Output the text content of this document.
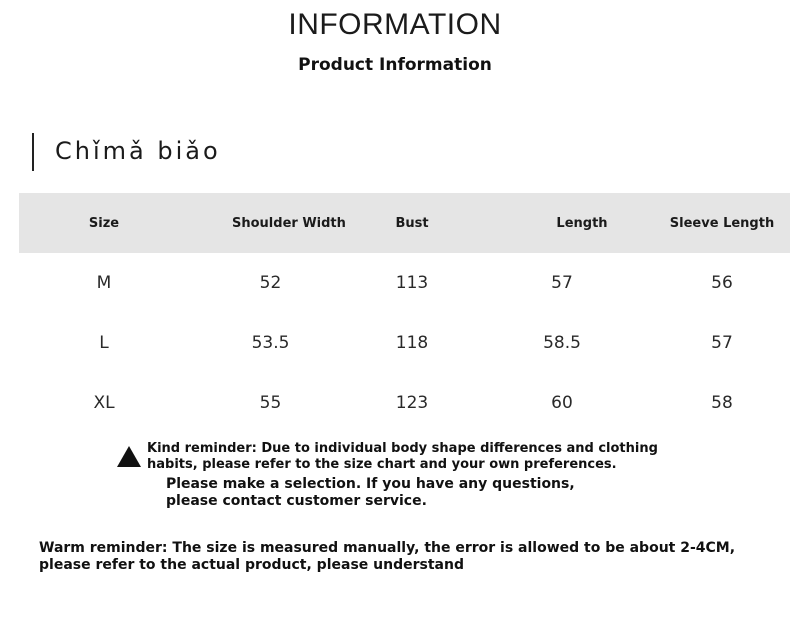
INFORMATION
Product Information
Chǐmǎ biǎo
Size	Shoulder Width	Bust	Length	Sleeve Length
M	52	113	57	56
L	53.5	118	58.5	57
XL	55	123	60	58
Kind reminder: Due to individual body shape differences and clothing habits, please refer to the size chart and your own preferences.
Please make a selection. If you have any questions, please contact customer service.
Warm reminder: The size is measured manually, the error is allowed to be about 2-4CM, please refer to the actual product, please understand
